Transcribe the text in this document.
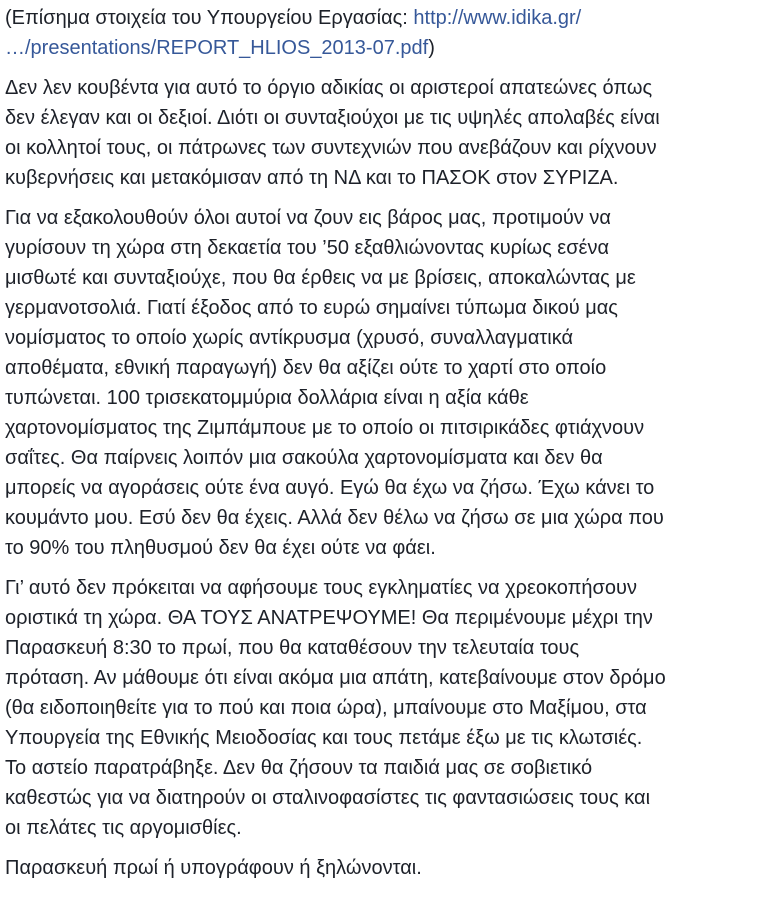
(Επίσημα στοιχεία του Υπουργείου Εργασίας: http://www.idika.gr/
…/presentations/REPORT_HLIOS_2013-07.pdf)

Δεν λεν κουβέντα για αυτό το όργιο αδικίας οι αριστεροί απατεώνες όπως
δεν έλεγαν και οι δεξιοί. Διότι οι συνταξιούχοι με τις υψηλές απολαβές είναι
οι κολλητοί τους, οι πάτρωνες των συντεχνιών που ανεβάζουν και ρίχνουν
κυβερνήσεις και μετακόμισαν από τη ΝΔ και το ΠΑΣΟΚ στον ΣΥΡΙΖΑ.

Για να εξακολουθούν όλοι αυτοί να ζουν εις βάρος μας, προτιμούν να
γυρίσουν τη χώρα στη δεκαετία του ’50 εξαθλιώνοντας κυρίως εσένα
μισθωτέ και συνταξιούχε, που θα έρθεις να με βρίσεις, αποκαλώντας με
γερμανοτσολιά. Γιατί έξοδος από το ευρώ σημαίνει τύπωμα δικού μας
νομίσματος το οποίο χωρίς αντίκρυσμα (χρυσό, συναλλαγματικά
αποθέματα, εθνική παραγωγή) δεν θα αξίζει ούτε το χαρτί στο οποίο
τυπώνεται. 100 τρισεκατομμύρια δολλάρια είναι η αξία κάθε
χαρτονομίσματος της Ζιμπάμπουε με το οποίο οι πιτσιρικάδες φτιάχνουν
σαΐτες. Θα παίρνεις λοιπόν μια σακούλα χαρτονομίσματα και δεν θα
μπορείς να αγοράσεις ούτε ένα αυγό. Εγώ θα έχω να ζήσω. Έχω κάνει το
κουμάντο μου. Εσύ δεν θα έχεις. Αλλά δεν θέλω να ζήσω σε μια χώρα που
το 90% του πληθυσμού δεν θα έχει ούτε να φάει.

Γι’ αυτό δεν πρόκειται να αφήσουμε τους εγκληματίες να χρεοκοπήσουν
οριστικά τη χώρα. ΘΑ ΤΟΥΣ ΑΝΑΤΡΕΨΟΥΜΕ! Θα περιμένουμε μέχρι την
Παρασκευή 8:30 το πρωί, που θα καταθέσουν την τελευταία τους
πρόταση. Αν μάθουμε ότι είναι ακόμα μια απάτη, κατεβαίνουμε στον δρόμο
(θα ειδοποιηθείτε για το πού και ποια ώρα), μπαίνουμε στο Μαξίμου, στα
Υπουργεία της Εθνικής Μειοδοσίας και τους πετάμε έξω με τις κλωτσιές.
Το αστείο παρατράβηξε. Δεν θα ζήσουν τα παιδιά μας σε σοβιετικό
καθεστώς για να διατηρούν οι σταλινοφασίστες τις φαντασιώσεις τους και
οι πελάτες τις αργομισθίες.

Παρασκευή πρωί ή υπογράφουν ή ξηλώνονται.
